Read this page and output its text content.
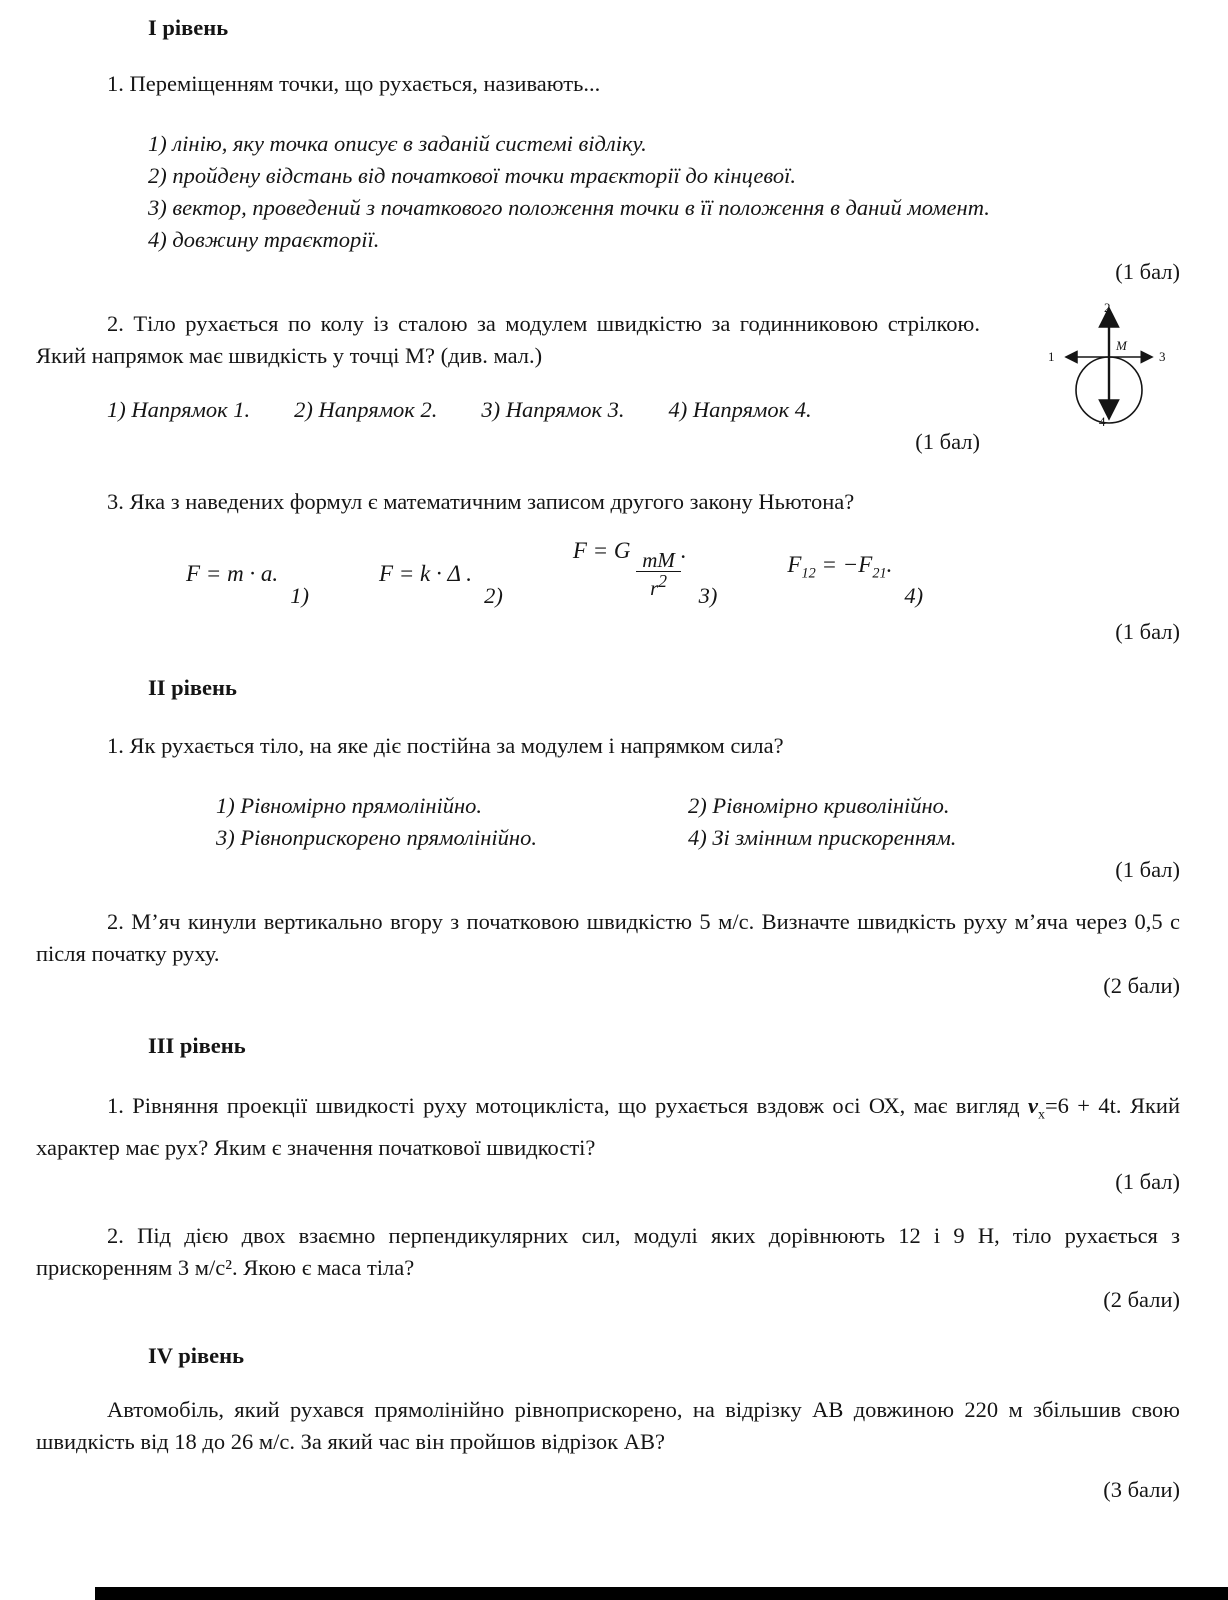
І рівень

1. Переміщенням точки, що рухається, називають...

1) лінію, яку точка описує в заданій системі відліку.
2) пройдену відстань від початкової точки траєкторії до кінцевої.
3) вектор, проведений з початкового положення точки в її положення в даний момент.
4) довжину траєкторії.
(1 бал)

2. Тіло рухається по колу із сталою за модулем швидкістю за годинниковою стрілкою. Який напрямок має швидкість у точці М? (див. мал.)

1) Напрямок 1. 2) Напрямок 2. 3) Напрямок 3. 4) Напрямок 4.
(1 бал)
2
1	3
4
M

3. Яка з наведених формул є математичним записом другого закону Ньютона?

F = m · a.
1)
F = k · Δ .
2)
F = G $\frac{mM}{r^2}$ .
3)
$F_{12} = -F_{21}$.
4)
(1 бал)
ІІ рівень

1. Як рухається тіло, на яке діє постійна за модулем і напрямком сила?

1) Рівномірно прямолінійно.	2) Рівномірно криволінійно.
3) Рівноприскорено прямолінійно.	4) Зі змінним прискоренням.
(1 бал)

2. М’яч кинули вертикально вгору з початковою швидкістю 5 м/с. Визначте швидкість руху м’яча через 0,5 с після початку руху.

(2 бали)
ІІІ рівень

1. Рівняння проекції швидкості руху мотоцикліста, що рухається вздовж осі ОХ, має вигляд $v_x=6 + 4t$. Який характер має рух? Яким є значення початкової швидкості?

(1 бал)

2. Під дією двох взаємно перпендикулярних сил, модулі яких дорівнюють 12 і 9 Н, тіло рухається з прискоренням 3 м/с². Якою є маса тіла?

(2 бали)
IV рівень

Автомобіль, який рухався прямолінійно рівноприскорено, на відрізку АВ довжиною 220 м збільшив свою швидкість від 18 до 26 м/с. За який час він пройшов відрізок АВ?

(3 бали)
